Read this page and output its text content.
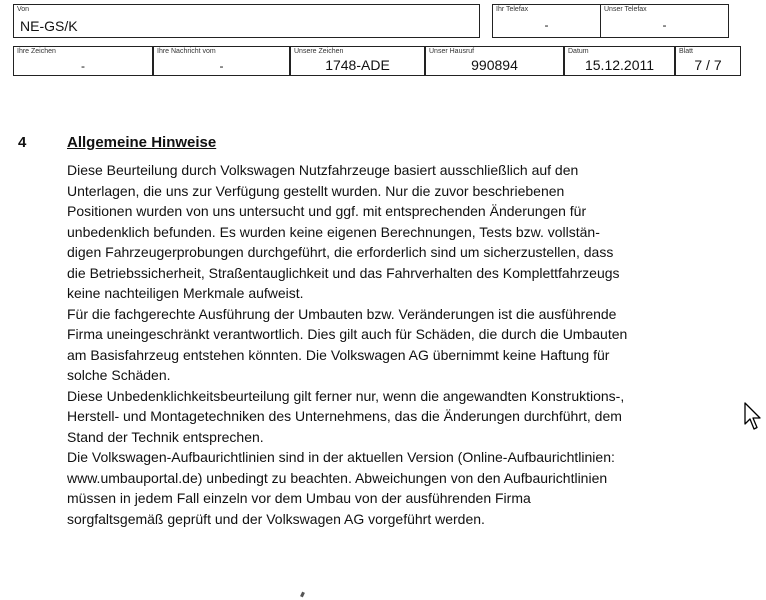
Von
NE-GS/K
Ihr Telefax
-
Unser Telefax
-
Ihre Zeichen
-
Ihre Nachricht vom
-
Unsere Zeichen
1748-ADE
Unser Hausruf
990894
Datum
15.12.2011
Blatt
7 / 7
4	Allgemeine Hinweise
Diese Beurteilung durch Volkswagen Nutzfahrzeuge basiert ausschließlich auf den
Unterlagen, die uns zur Verfügung gestellt wurden. Nur die zuvor beschriebenen
Positionen wurden von uns untersucht und ggf. mit entsprechenden Änderungen für
unbedenklich befunden. Es wurden keine eigenen Berechnungen, Tests bzw. vollstän-
digen Fahrzeugerprobungen durchgeführt, die erforderlich sind um sicherzustellen, dass
die Betriebssicherheit, Straßentauglichkeit und das Fahrverhalten des Komplettfahrzeugs
keine nachteiligen Merkmale aufweist.
Für die fachgerechte Ausführung der Umbauten bzw. Veränderungen ist die ausführende
Firma uneingeschränkt verantwortlich. Dies gilt auch für Schäden, die durch die Umbauten
am Basisfahrzeug entstehen könnten. Die Volkswagen AG übernimmt keine Haftung für
solche Schäden.
Diese Unbedenklichkeitsbeurteilung gilt ferner nur, wenn die angewandten Konstruktions-,
Herstell- und Montagetechniken des Unternehmens, das die Änderungen durchführt, dem
Stand der Technik entsprechen.
Die Volkswagen-Aufbaurichtlinien sind in der aktuellen Version (Online-Aufbaurichtlinien:
www.umbauportal.de) unbedingt zu beachten. Abweichungen von den Aufbaurichtlinien
müssen in jedem Fall einzeln vor dem Umbau von der ausführenden Firma
sorgfaltsgemäß geprüft und der Volkswagen AG vorgeführt werden.
